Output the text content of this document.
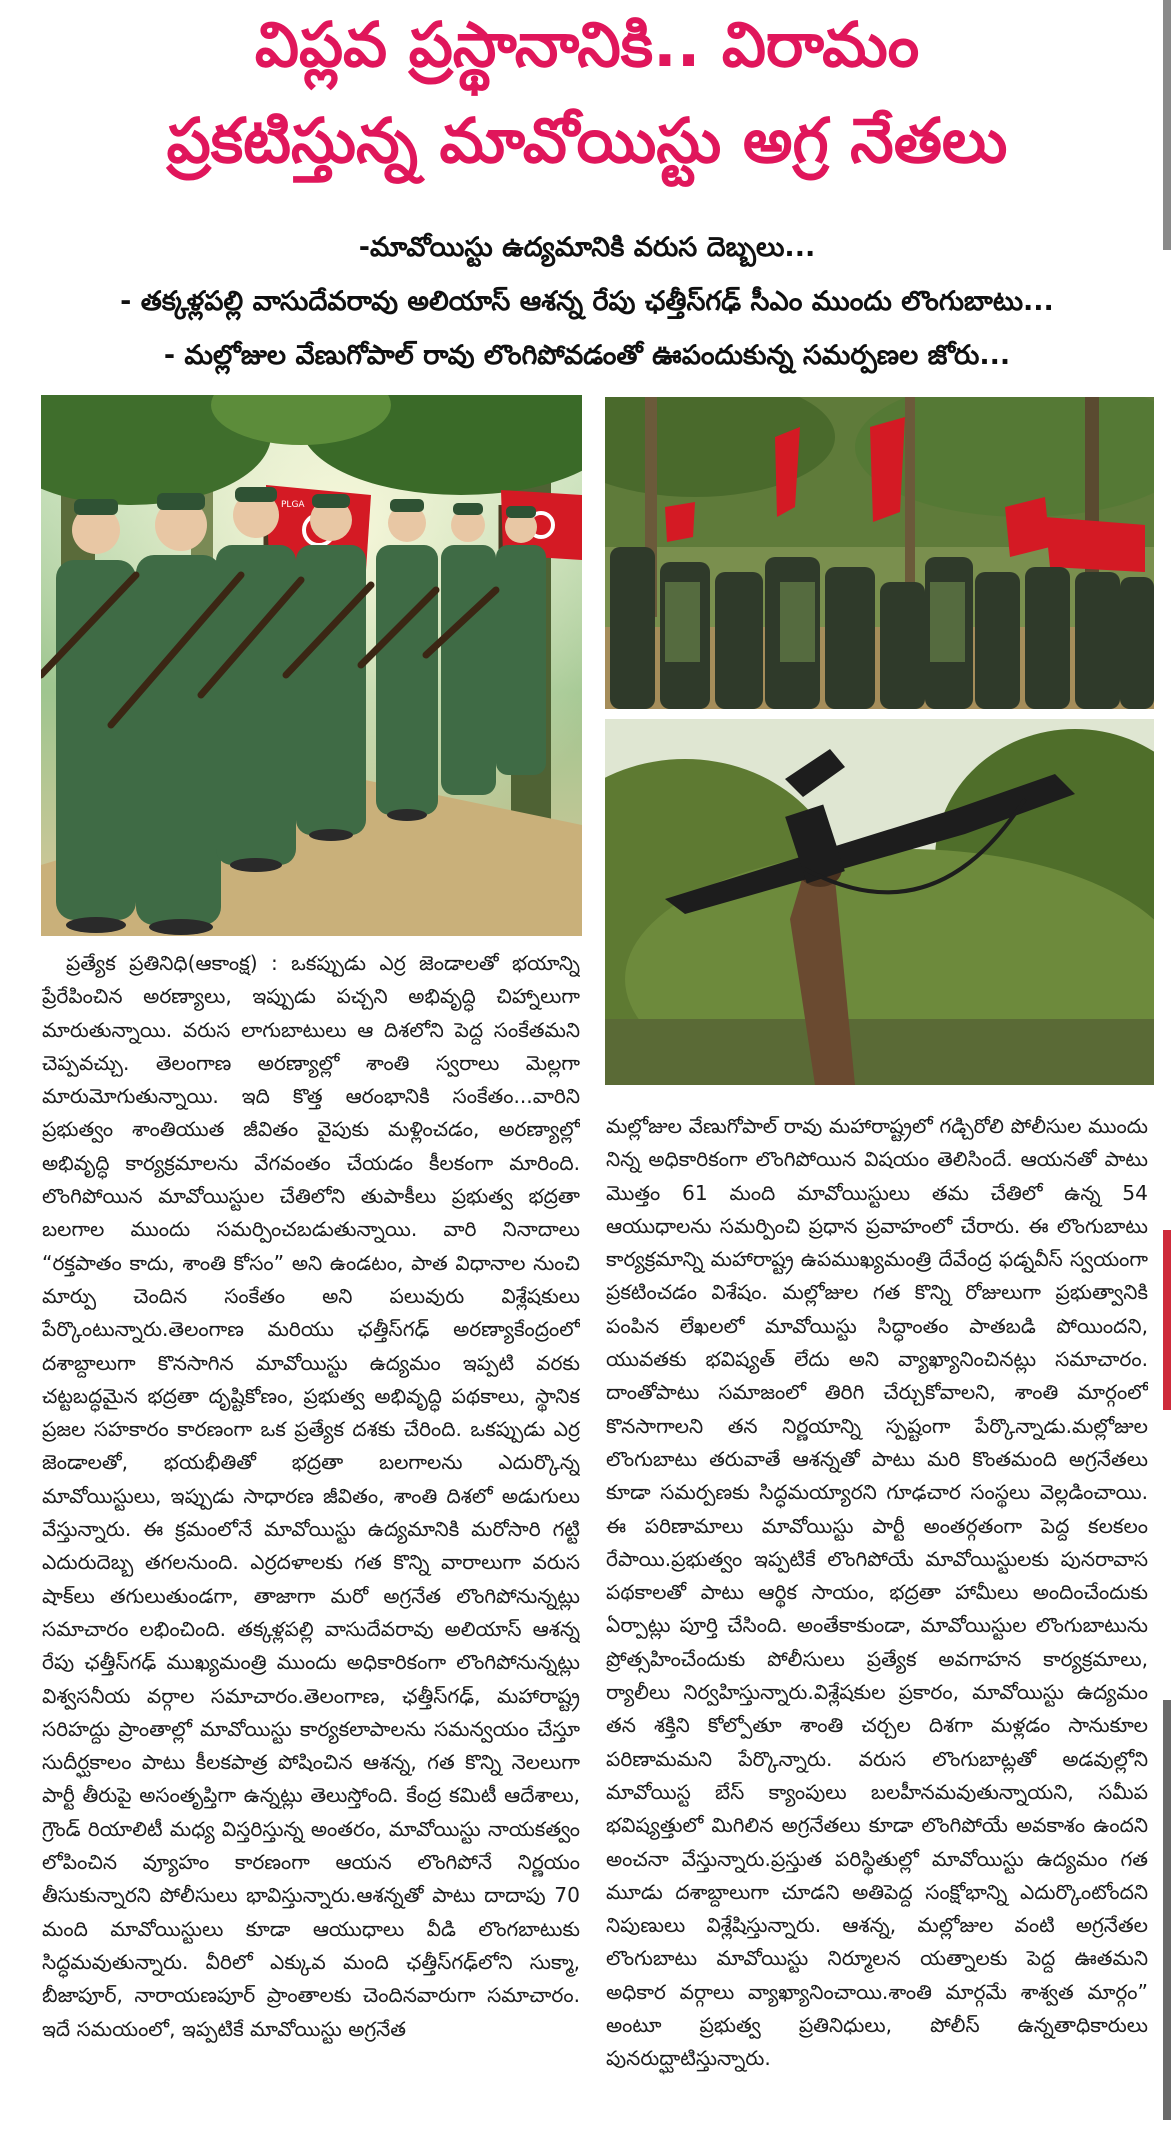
విప్లవ ప్రస్థానానికి.. విరామం
ప్రకటిస్తున్న మావోయిస్టు అగ్ర నేతలు
-మావోయిస్టు ఉద్యమానికి వరుస దెబ్బలు...
- తక్కళ్లపల్లి వాసుదేవరావు అలియాస్ ఆశన్న రేపు ఛత్తీస్‌గఢ్ సీఎం ముందు లొంగుబాటు...
- మల్లోజుల వేణుగోపాల్ రావు లొంగిపోవడంతో ఊపందుకున్న సమర్పణల జోరు...
PLGA

ప్రత్యేక ప్రతినిధి(ఆకాంక్ష) : ఒకప్పుడు ఎర్ర జెండాలతో భయాన్ని ప్రేరేపించిన అరణ్యాలు, ఇప్పుడు పచ్చని అభివృద్ధి చిహ్నాలుగా మారుతున్నాయి. వరుస లాగుబాటులు ఆ దిశలోని పెద్ద సంకేతమని చెప్పవచ్చు. తెలంగాణ అరణ్యాల్లో శాంతి స్వరాలు మెల్లగా మారుమోగుతున్నాయి. ఇది కొత్త ఆరంభానికి సంకేతం...వారిని ప్రభుత్వం శాంతియుత జీవితం వైపుకు మళ్లించడం, అరణ్యాల్లో అభివృద్ధి కార్యక్రమాలను వేగవంతం చేయడం కీలకంగా మారింది. లొంగిపోయిన మావోయిస్టుల చేతిలోని తుపాకీలు ప్రభుత్వ భద్రతా బలగాల ముందు సమర్పించబడుతున్నాయి. వారి నినాదాలు “రక్తపాతం కాదు, శాంతి కోసం” అని ఉండటం, పాత విధానాల నుంచి మార్పు చెందిన సంకేతం అని పలువురు విశ్లేషకులు పేర్కొంటున్నారు.తెలంగాణ మరియు ఛత్తీస్‌గఢ్ అరణ్యాకేంద్రంలో దశాబ్దాలుగా కొనసాగిన మావోయిస్టు ఉద్యమం ఇప్పటి వరకు చట్టబద్ధమైన భద్రతా దృష్టికోణం, ప్రభుత్వ అభివృద్ధి పథకాలు, స్థానిక ప్రజల సహకారం కారణంగా ఒక ప్రత్యేక దశకు చేరింది. ఒకప్పుడు ఎర్ర జెండాలతో, భయభీతితో భద్రతా బలగాలను ఎదుర్కొన్న మావోయిస్టులు, ఇప్పుడు సాధారణ జీవితం, శాంతి దిశలో అడుగులు వేస్తున్నారు. ఈ క్రమంలోనే మావోయిస్టు ఉద్యమానికి మరోసారి గట్టి ఎదురుదెబ్బ తగలనుంది. ఎర్రదళాలకు గత కొన్ని వారాలుగా వరుస షాక్‌లు తగులుతుండగా, తాజాగా మరో అగ్రనేత లొంగిపోనున్నట్లు సమాచారం లభించింది. తక్కళ్లపల్లి వాసుదేవరావు అలియాస్ ఆశన్న రేపు ఛత్తీస్‌గఢ్ ముఖ్యమంత్రి ముందు అధికారికంగా లొంగిపోనున్నట్లు విశ్వసనీయ వర్గాల సమాచారం.తెలంగాణ, ఛత్తీస్‌గఢ్, మహారాష్ట్ర సరిహద్దు ప్రాంతాల్లో మావోయిస్టు కార్యకలాపాలను సమన్వయం చేస్తూ సుదీర్ఘకాలం పాటు కీలకపాత్ర పోషించిన ఆశన్న, గత కొన్ని నెలలుగా పార్టీ తీరుపై అసంతృప్తిగా ఉన్నట్లు తెలుస్తోంది. కేంద్ర కమిటీ ఆదేశాలు, గ్రౌండ్ రియాలిటీ మధ్య విస్తరిస్తున్న అంతరం, మావోయిస్టు నాయకత్వం లోపించిన వ్యూహం కారణంగా ఆయన లొంగిపోనే నిర్ణయం తీసుకున్నారని పోలీసులు భావిస్తున్నారు.ఆశన్నతో పాటు దాదాపు 70 మంది మావోయిస్టులు కూడా ఆయుధాలు వీడి లొంగబాటుకు సిద్ధమవుతున్నారు. వీరిలో ఎక్కువ మంది ఛత్తీస్‌గఢ్‌లోని సుక్మా, బీజాపూర్, నారాయణపూర్ ప్రాంతాలకు చెందినవారుగా సమాచారం. ఇదే సమయంలో, ఇప్పటికే మావోయిస్టు అగ్రనేత

మల్లోజుల వేణుగోపాల్ రావు మహారాష్ట్రలో గడ్చిరోలి పోలీసుల ముందు నిన్న అధికారికంగా లొంగిపోయిన విషయం తెలిసిందే. ఆయనతో పాటు మొత్తం 61 మంది మావోయిస్టులు తమ చేతిలో ఉన్న 54 ఆయుధాలను సమర్పించి ప్రధాన ప్రవాహంలో చేరారు. ఈ లొంగుబాటు కార్యక్రమాన్ని మహారాష్ట్ర ఉపముఖ్యమంత్రి దేవేంద్ర ఫడ్నవీస్ స్వయంగా ప్రకటించడం విశేషం. మల్లోజుల గత కొన్ని రోజులుగా ప్రభుత్వానికి పంపిన లేఖలలో మావోయిస్టు సిద్ధాంతం పాతబడి పోయిందని, యువతకు భవిష్యత్ లేదు అని వ్యాఖ్యానించినట్లు సమాచారం. దాంతోపాటు సమాజంలో తిరిగి చేర్చుకోవాలని, శాంతి మార్గంలో కొనసాగాలని తన నిర్ణయాన్ని స్పష్టంగా పేర్కొన్నాడు.మల్లోజుల లొంగుబాటు తరువాతే ఆశన్నతో పాటు మరి కొంతమంది అగ్రనేతలు కూడా సమర్పణకు సిద్ధమయ్యారని గూఢచార సంస్థలు వెల్లడించాయి. ఈ పరిణామాలు మావోయిస్టు పార్టీ అంతర్గతంగా పెద్ద కలకలం రేపాయి.ప్రభుత్వం ఇప్పటికే లొంగిపోయే మావోయిస్టులకు పునరావాస పథకాలతో పాటు ఆర్థిక సాయం, భద్రతా హామీలు అందించేందుకు ఏర్పాట్లు పూర్తి చేసింది. అంతేకాకుండా, మావోయిస్టుల లొంగుబాటును ప్రోత్సహించేందుకు పోలీసులు ప్రత్యేక అవగాహన కార్యక్రమాలు, ర్యాలీలు నిర్వహిస్తున్నారు.విశ్లేషకుల ప్రకారం, మావోయిస్టు ఉద్యమం తన శక్తిని కోల్పోతూ శాంతి చర్చల దిశగా మళ్లడం సానుకూల పరిణామమని పేర్కొన్నారు. వరుస లొంగుబాట్లతో అడవుల్లోని మావోయిస్ట బేస్ క్యాంపులు బలహీనమవుతున్నాయని, సమీప భవిష్యత్తులో మిగిలిన అగ్రనేతలు కూడా లొంగిపోయే అవకాశం ఉందని అంచనా వేస్తున్నారు.ప్రస్తుత పరిస్థితుల్లో మావోయిస్టు ఉద్యమం గత మూడు దశాబ్దాలుగా చూడని అతిపెద్ద సంక్షోభాన్ని ఎదుర్కొంటోందని నిపుణులు విశ్లేషిస్తున్నారు. ఆశన్న, మల్లోజుల వంటి అగ్రనేతల లొంగుబాటు మావోయిస్టు నిర్మూలన యత్నాలకు పెద్ద ఊతమని అధికార వర్గాలు వ్యాఖ్యానించాయి.శాంతి మార్గమే శాశ్వత మార్గం” అంటూ ప్రభుత్వ ప్రతినిధులు, పోలీస్ ఉన్నతాధికారులు పునరుద్ఘాటిస్తున్నారు.
